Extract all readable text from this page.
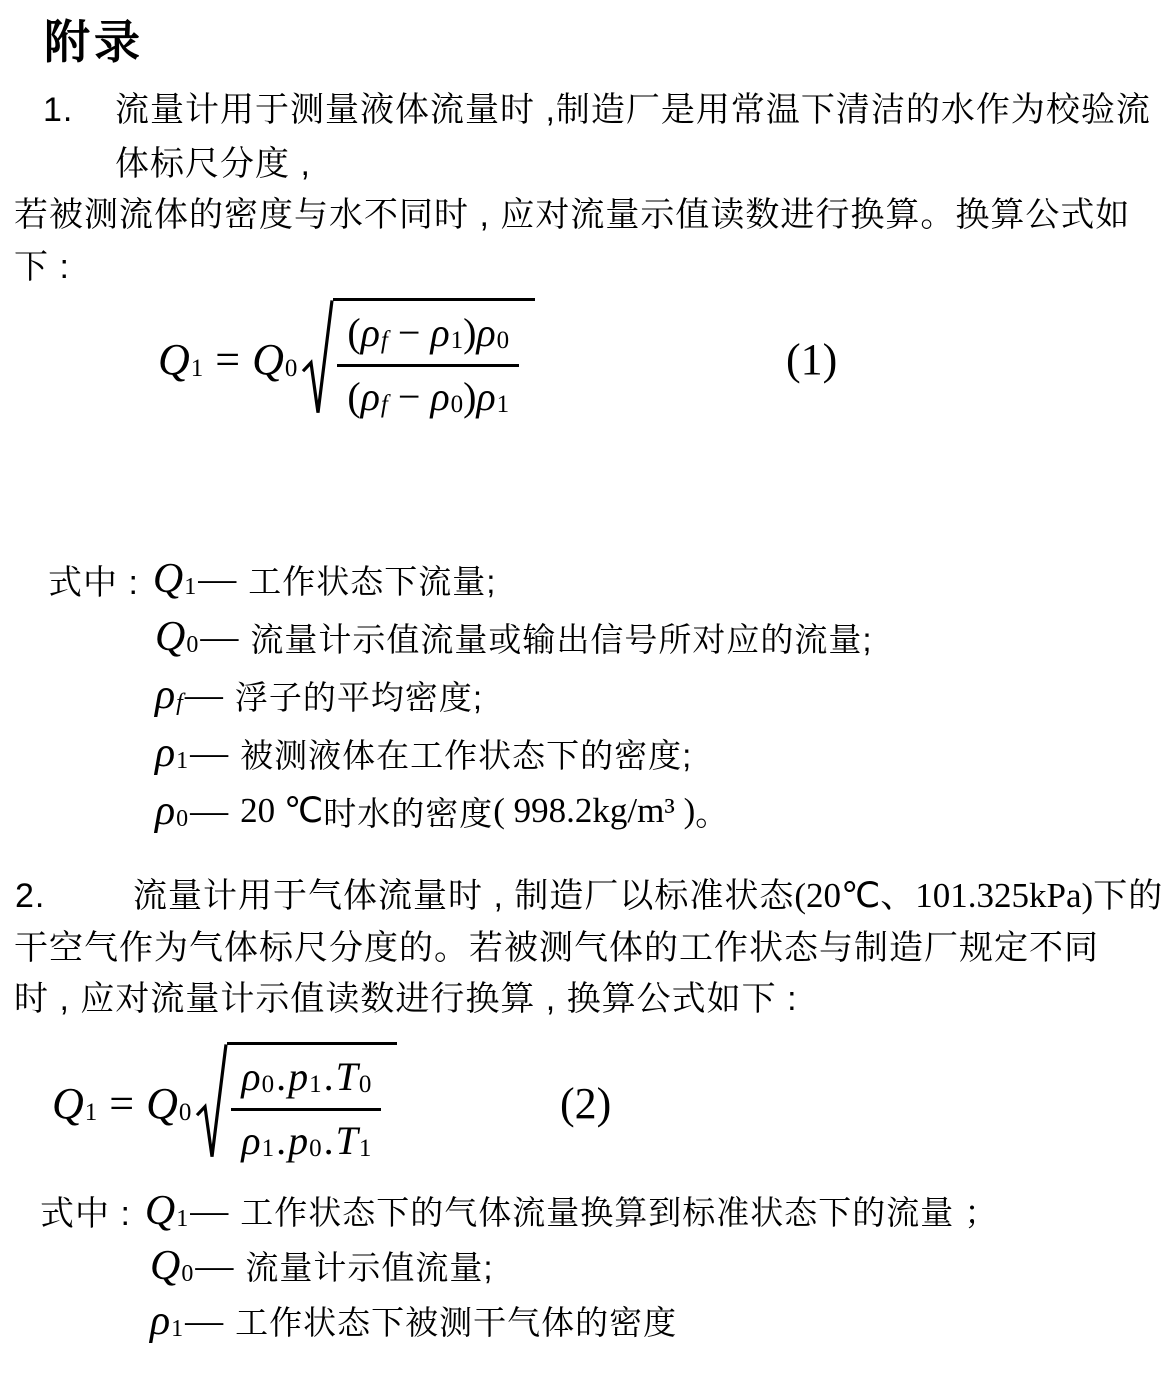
附录
1.	流量计用于测量液体流量时 ,制造厂是用常温下清洁的水作为校验流
体标尺分度 ,
若被测流体的密度与水不同时 , 应对流量示值读数进行换算。换算公式如
下 :
$Q_1 = Q_0 \frac{( \rho_f - \rho_1 ) \rho_0}{( \rho_f - \rho_0 ) \rho_1}$	(1)
式中 : $Q_1$ — 工作状态下流量;
$Q_0$ — 流量计示值流量或输出信号所对应的流量;
$\rho_f$ — 浮子的平均密度;
$\rho_1$ — 被测液体在工作状态下的密度;
$\rho_0$ — 20 ℃ 时水的密度 ( 998.2kg/m³ ) 。
2.	流量计用于气体流量时 , 制造厂以标准状态 (20℃、101.325kPa) 下的
干空气作为气体标尺分度的。若被测气体的工作状态与制造厂规定不同
时 , 应对流量计示值读数进行换算 , 换算公式如下 :
$Q_1 = Q_0 \frac{\rho_0 . p_1 . T_0}{\rho_1 . p_0 . T_1}$	(2)
式中 : $Q_1$ — 工作状态下的气体流量换算到标准状态下的流量 ；
$Q_0$ — 流量计示值流量;
$\rho_1$ — 工作状态下被测干气体的密度
